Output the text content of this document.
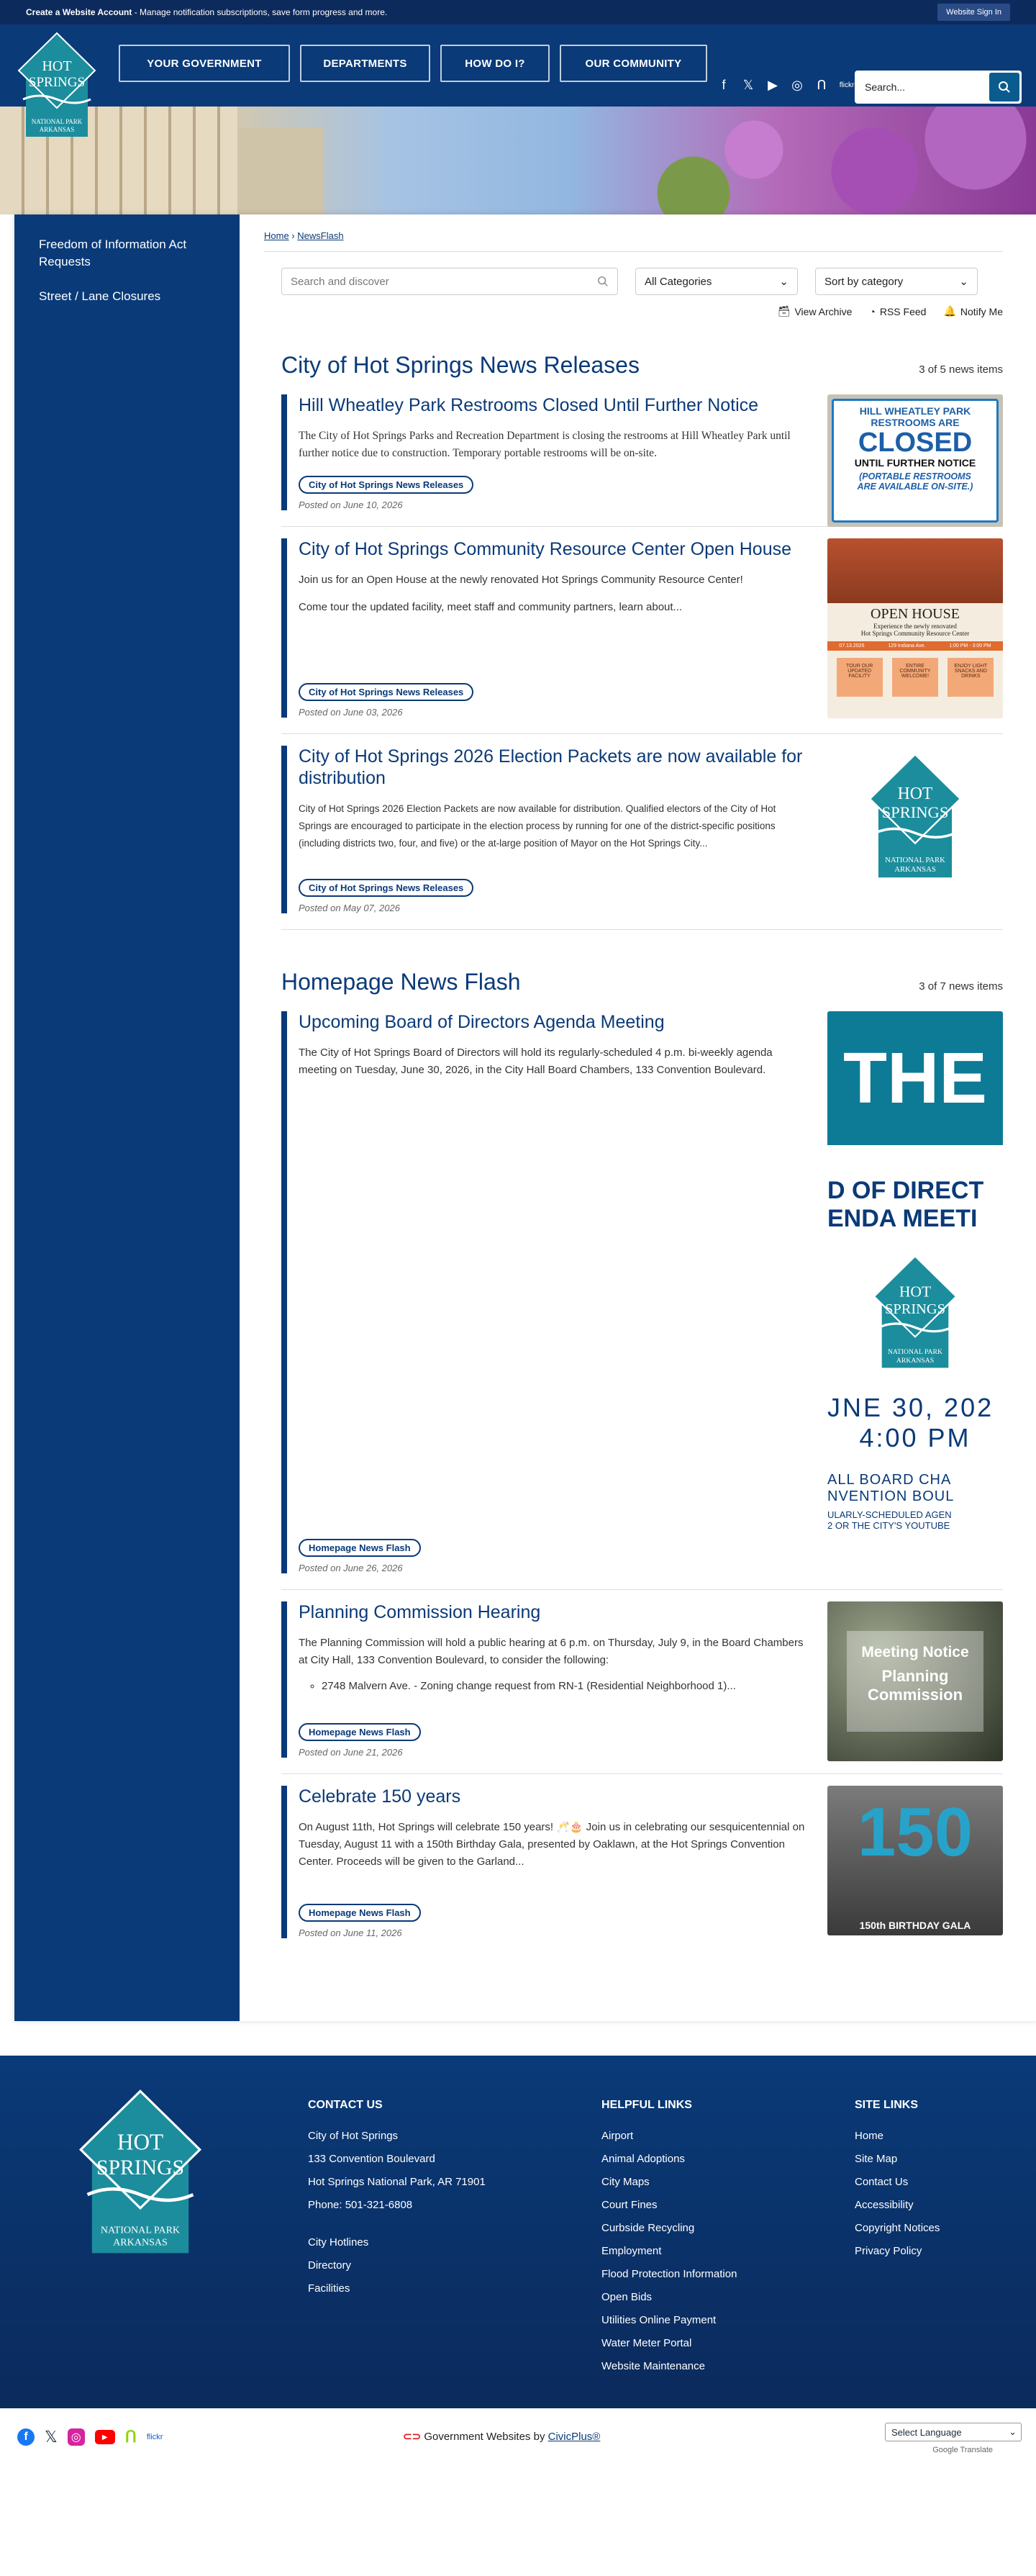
Create a Website Account - Manage notification subscriptions, save form progress and more.	Website Sign In
HOT
SPRINGS
NATIONAL PARK
ARKANSAS
YOUR GOVERNMENT	DEPARTMENTS	HOW DO I?	OUR COMMUNITY
f	𝕏 ▶ ◎ ᑎ	flickr Search...
Freedom of Information Act Requests
Street / Lane Closures
Home › NewsFlash
Search and discover	All Categories	⌄	Sort by category	⌄
🗃 View Archive ◔ RSS Feed 🔔 Notify Me
City of Hot Springs News Releases	3 of 5 news items
Hill Wheatley Park Restrooms Closed Until Further Notice
The City of Hot Springs Parks and Recreation Department is closing the restrooms at Hill Wheatley Park until further notice due to construction. Temporary portable restrooms will be on-site.
City of Hot Springs News Releases
Posted on June 10, 2026
HILL WHEATLEY PARK
RESTROOMS ARE
CLOSED
UNTIL FURTHER NOTICE
(PORTABLE RESTROOMS
ARE AVAILABLE ON-SITE.)
City of Hot Springs Community Resource Center Open House

Join us for an Open House at the newly renovated Hot Springs Community Resource Center!

Come tour the updated facility, meet staff and community partners, learn about...

City of Hot Springs News Releases
Posted on June 03, 2026
OPEN HOUSE
Experience the newly renovated
Hot Springs Community Resource Center
07.13.2026	129 Indiana Ave.	1:00 PM - 3:00 PM
TOUR OUR UPDATED FACILITY
ENTIRE COMMUNITY WELCOME!
ENJOY LIGHT SNACKS AND DRINKS
City of Hot Springs 2026 Election Packets are now available for distribution
City of Hot Springs 2026 Election Packets are now available for distribution. Qualified electors of the City of Hot Springs are encouraged to participate in the election process by running for one of the district-specific positions (including districts two, four, and five) or the at-large position of Mayor on the Hot Springs City...
City of Hot Springs News Releases
Posted on May 07, 2026
HOT
SPRINGS
NATIONAL PARK
ARKANSAS
Homepage News Flash	3 of 7 news items
Upcoming Board of Directors Agenda Meeting
The City of Hot Springs Board of Directors will hold its regularly-scheduled 4 p.m. bi-weekly agenda meeting on Tuesday, June 30, 2026, in the City Hall Board Chambers, 133 Convention Boulevard.
Homepage News Flash
Posted on June 26, 2026
THE
D OF DIRECT
ENDA MEETI
HOT
SPRINGS
NATIONAL PARK
ARKANSAS
JNE 30, 202
4:00 PM
ALL BOARD CHA
NVENTION BOUL
ULARLY-SCHEDULED AGEN
2 OR THE CITY'S YOUTUBE
Planning Commission Hearing

The Planning Commission will hold a public hearing at 6 p.m. on Thursday, July 9, in the Board Chambers at City Hall, 133 Convention Boulevard, to consider the following:

◦ 2748 Malvern Ave. - Zoning change request from RN-1 (Residential Neighborhood 1)...
Homepage News Flash
Posted on June 21, 2026
Meeting Notice
Planning
Commission
Celebrate 150 years
On August 11th, Hot Springs will celebrate 150 years! 🥂🎂 Join us in celebrating our sesquicentennial on Tuesday, August 11 with a 150th Birthday Gala, presented by Oaklawn, at the Hot Springs Convention Center. Proceeds will be given to the Garland...
Homepage News Flash
Posted on June 11, 2026
150
150th BIRTHDAY GALA

HOT
SPRINGS
NATIONAL PARK
ARKANSAS
CONTACT US
City of Hot Springs
133 Convention Boulevard
Hot Springs National Park, AR 71901
Phone: 501-321-6808
City Hotlines
Directory
Facilities
HELPFUL LINKS
Airport
Animal Adoptions
City Maps
Court Fines
Curbside Recycling
Employment
Flood Protection Information
Open Bids
Utilities Online Payment
Water Meter Portal
Website Maintenance
SITE LINKS
Home
Site Map
Contact Us
Accessibility
Copyright Notices
Privacy Policy
f	𝕏	◎	▶	ᑎ flickr	⊂⊃ Government Websites by CivicPlus®	Select Language	⌄
Google Translate
